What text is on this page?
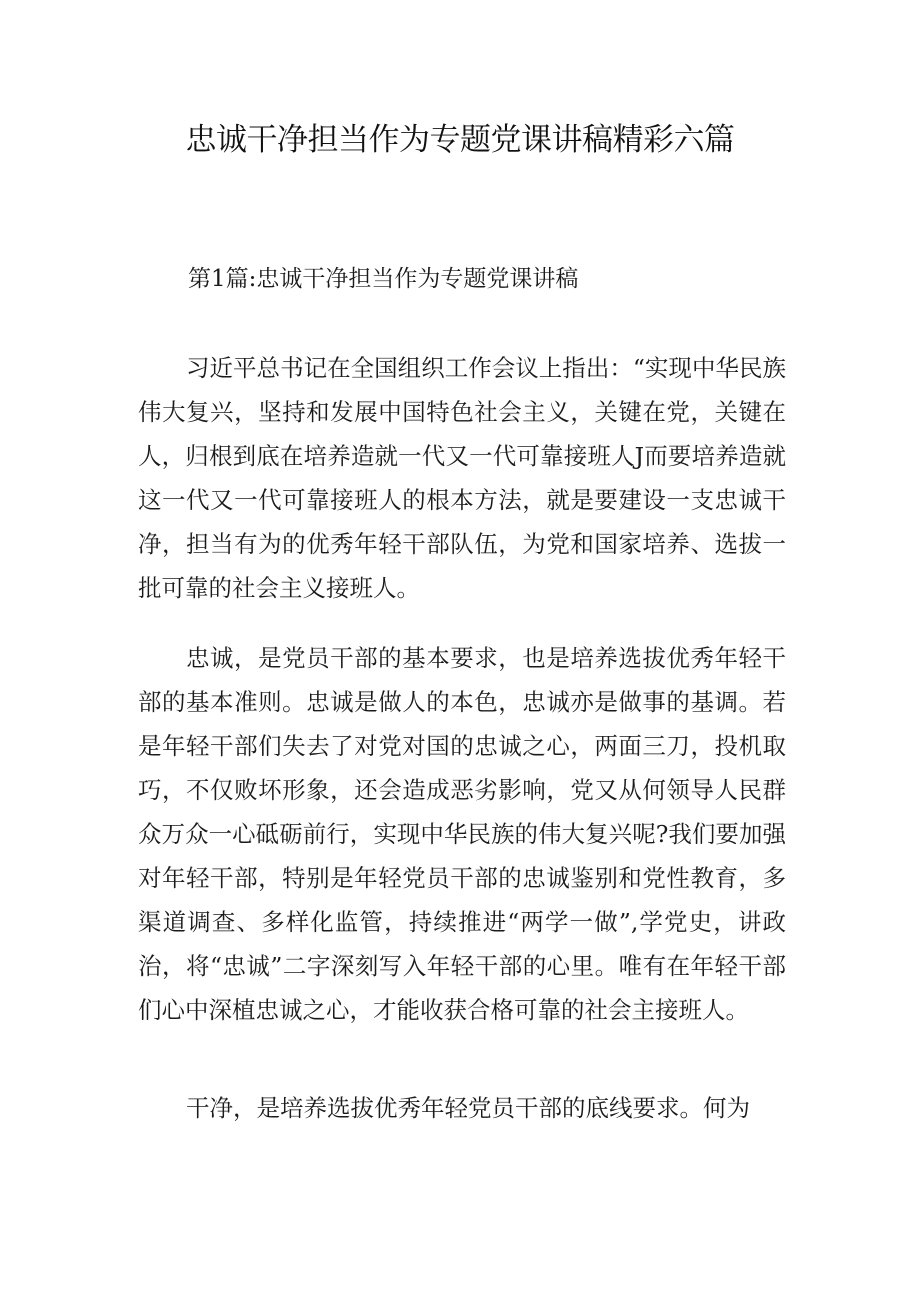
忠诚干净担当作为专题党课讲稿精彩六篇

第1篇:忠诚干净担当作为专题党课讲稿

习近平总书记在全国组织工作会议上指出：“实现中华民族伟大复兴，坚持和发展中国特色社会主义，关键在党，关键在人，归根到底在培养造就一代又一代可靠接班人J而要培养造就这一代又一代可靠接班人的根本方法，就是要建设一支忠诚干净，担当有为的优秀年轻干部队伍，为党和国家培养、选拔一批可靠的社会主义接班人。

忠诚，是党员干部的基本要求，也是培养选拔优秀年轻干部的基本准则。忠诚是做人的本色，忠诚亦是做事的基调。若是年轻干部们失去了对党对国的忠诚之心，两面三刀，投机取巧，不仅败坏形象，还会造成恶劣影响，党又从何领导人民群众万众一心砥砺前行，实现中华民族的伟大复兴呢?我们要加强对年轻干部，特别是年轻党员干部的忠诚鉴别和党性教育，多渠道调查、多样化监管，持续推进“两学一做”,学党史，讲政治，将“忠诚”二字深刻写入年轻干部的心里。唯有在年轻干部们心中深植忠诚之心，才能收获合格可靠的社会主接班人。

干净，是培养选拔优秀年轻党员干部的底线要求。何为
